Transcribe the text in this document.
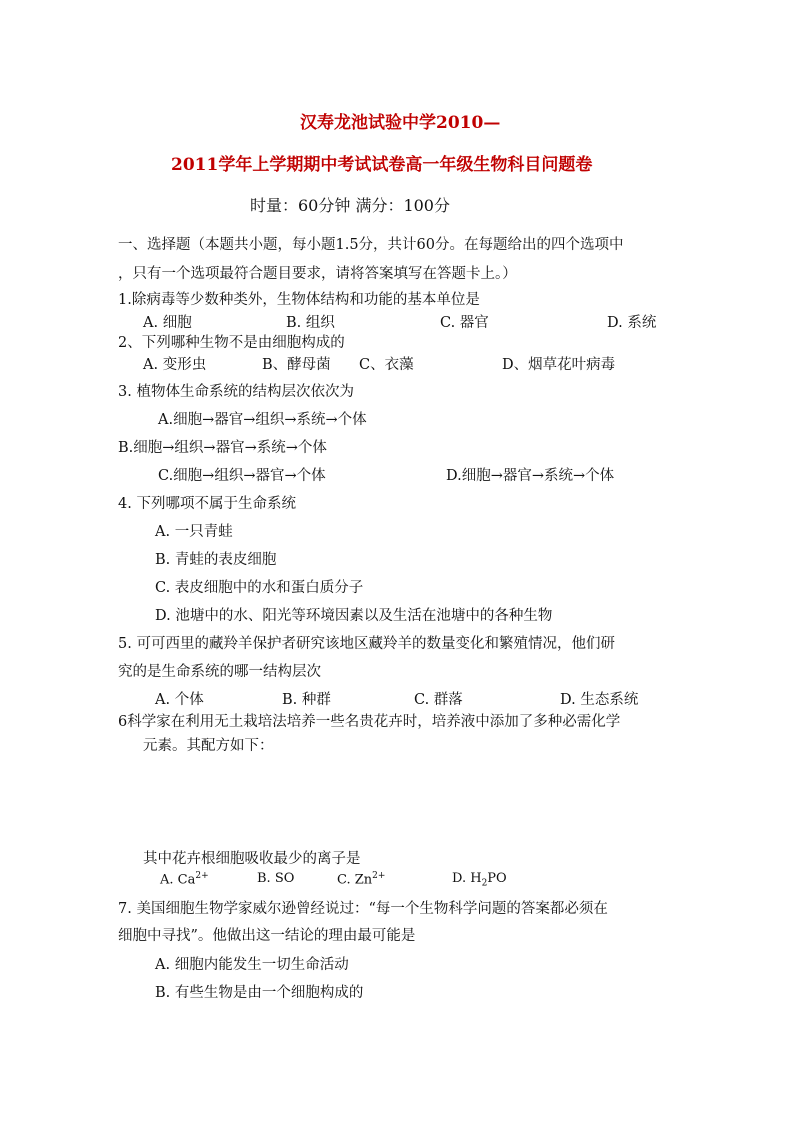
汉寿龙池试验中学2010—
2011学年上学期期中考试试卷高一年级生物科目问题卷
时量：60分钟 满分：100分
一、选择题（本题共小题，每小题1.5分，共计60分。在每题给出的四个选项中
，只有一个选项最符合题目要求，请将答案填写在答题卡上。）
1.除病毒等少数种类外，生物体结构和功能的基本单位是
A. 细胞	B. 组织	C. 器官	D. 系统
2、下列哪种生物不是由细胞构成的
A. 变形虫	B、酵母菌 C、衣藻	D、烟草花叶病毒
3. 植物体生命系统的结构层次依次为
A.细胞→器官→组织→系统→个体
B.细胞→组织→器官→系统→个体
C.细胞→组织→器官→个体	D.细胞→器官→系统→个体
4. 下列哪项不属于生命系统
A. 一只青蛙
B. 青蛙的表皮细胞
C. 表皮细胞中的水和蛋白质分子
D. 池塘中的水、阳光等环境因素以及生活在池塘中的各种生物
5. 可可西里的藏羚羊保护者研究该地区藏羚羊的数量变化和繁殖情况，他们研
究的是生命系统的哪一结构层次
A. 个体	B. 种群	C. 群落	D. 生态系统
6科学家在利用无土栽培法培养一些名贵花卉时，培养液中添加了多种必需化学
元素。其配方如下：
其中花卉根细胞吸收最少的离子是
A. $Ca^{2+}$	B. SO	C. $Zn^{2+}$	D. $H_2PO$
7. 美国细胞生物学家威尔逊曾经说过：“每一个生物科学问题的答案都必须在
细胞中寻找”。他做出这一结论的理由最可能是
A. 细胞内能发生一切生命活动
B. 有些生物是由一个细胞构成的
